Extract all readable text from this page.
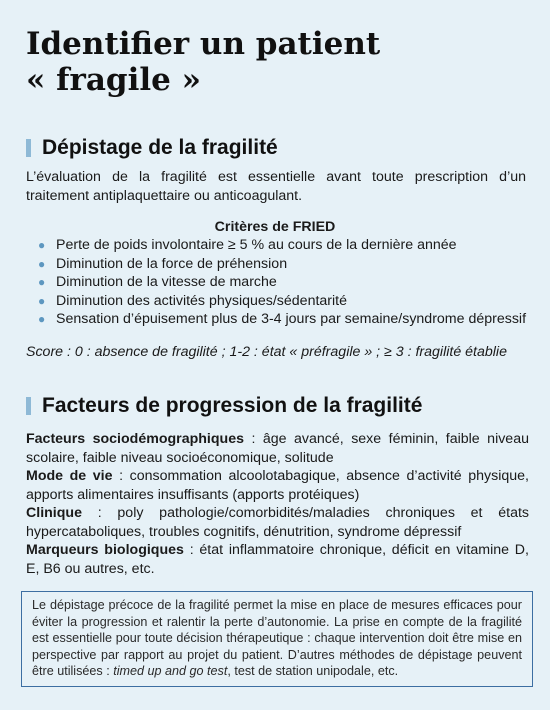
Identifier un patient
« fragile »
Dépistage de la fragilité

L’évaluation de la fragilité est essentielle avant toute prescription d’un traitement antiplaquettaire ou anticoagulant.

Critères de FRIED

● Perte de poids involontaire ≥ 5 % au cours de la dernière année
● Diminution de la force de préhension
● Diminution de la vitesse de marche
● Diminution des activités physiques/sédentarité
● Sensation d’épuisement plus de 3-4 jours par semaine/syndrome dépressif

Score : 0 : absence de fragilité ; 1-2 : état « préfragile » ; ≥ 3 : fragilité établie

Facteurs de progression de la fragilité

Facteurs sociodémographiques : âge avancé, sexe féminin, faible niveau scolaire, faible niveau socioéconomique, solitude

Mode de vie : consommation alcoolotabagique, absence d’activité physique, apports alimentaires insuffisants (apports protéiques)

Clinique : poly pathologie/comorbidités/maladies chroniques et états hypercataboliques, troubles cognitifs, dénutrition, syndrome dépressif

Marqueurs biologiques : état inflammatoire chronique, déficit en vitamine D, E, B6 ou autres, etc.

Le dépistage précoce de la fragilité permet la mise en place de mesures efficaces pour éviter la progression et ralentir la perte d’autonomie. La prise en compte de la fragilité est essentielle pour toute décision thérapeutique : chaque intervention doit être mise en perspective par rapport au projet du patient. D’autres méthodes de dépistage peuvent être utilisées : timed up and go test, test de station unipodale, etc.
